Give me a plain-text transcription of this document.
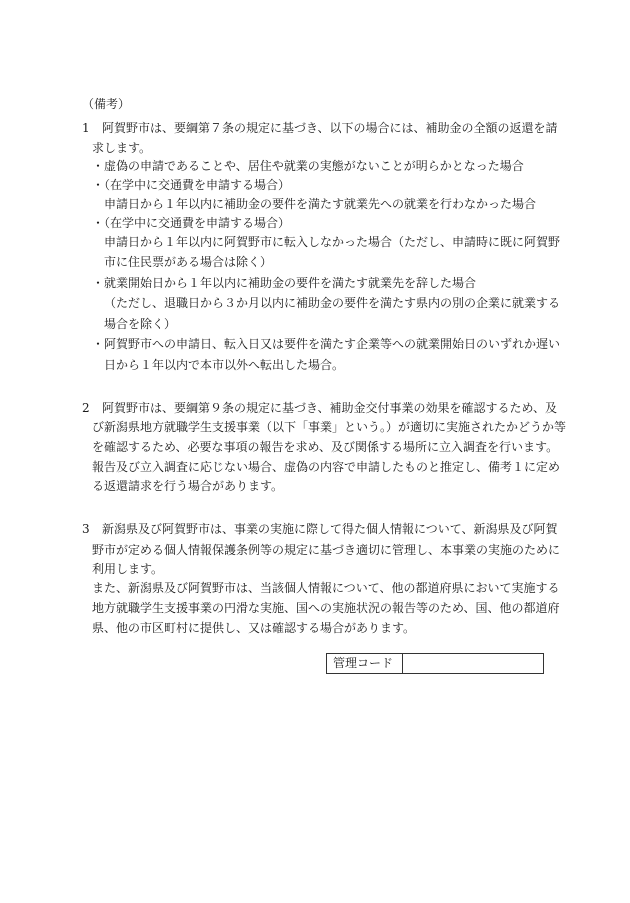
（備考）
1 阿賀野市は、要綱第７条の規定に基づき、以下の場合には、補助金の全額の返還を請
求します。
・虚偽の申請であることや、居住や就業の実態がないことが明らかとなった場合
・（在学中に交通費を申請する場合）
申請日から１年以内に補助金の要件を満たす就業先への就業を行わなかった場合
・（在学中に交通費を申請する場合）
申請日から１年以内に阿賀野市に転入しなかった場合（ただし、申請時に既に阿賀野
市に住民票がある場合は除く）
・就業開始日から１年以内に補助金の要件を満たす就業先を辞した場合
（ただし、退職日から３か月以内に補助金の要件を満たす県内の別の企業に就業する
場合を除く）
・阿賀野市への申請日、転入日又は要件を満たす企業等への就業開始日のいずれか遅い
日から１年以内で本市以外へ転出した場合。
2 阿賀野市は、要綱第９条の規定に基づき、補助金交付事業の効果を確認するため、及
び新潟県地方就職学生支援事業（以下「事業」という。）が適切に実施されたかどうか等
を確認するため、必要な事項の報告を求め、及び関係する場所に立入調査を行います。
報告及び立入調査に応じない場合、虚偽の内容で申請したものと推定し、備考１に定め
る返還請求を行う場合があります。
3 新潟県及び阿賀野市は、事業の実施に際して得た個人情報について、新潟県及び阿賀
野市が定める個人情報保護条例等の規定に基づき適切に管理し、本事業の実施のために
利用します。
また、新潟県及び阿賀野市は、当該個人情報について、他の都道府県において実施する
地方就職学生支援事業の円滑な実施、国への実施状況の報告等のため、国、他の都道府
県、他の市区町村に提供し、又は確認する場合があります。
管理コード
